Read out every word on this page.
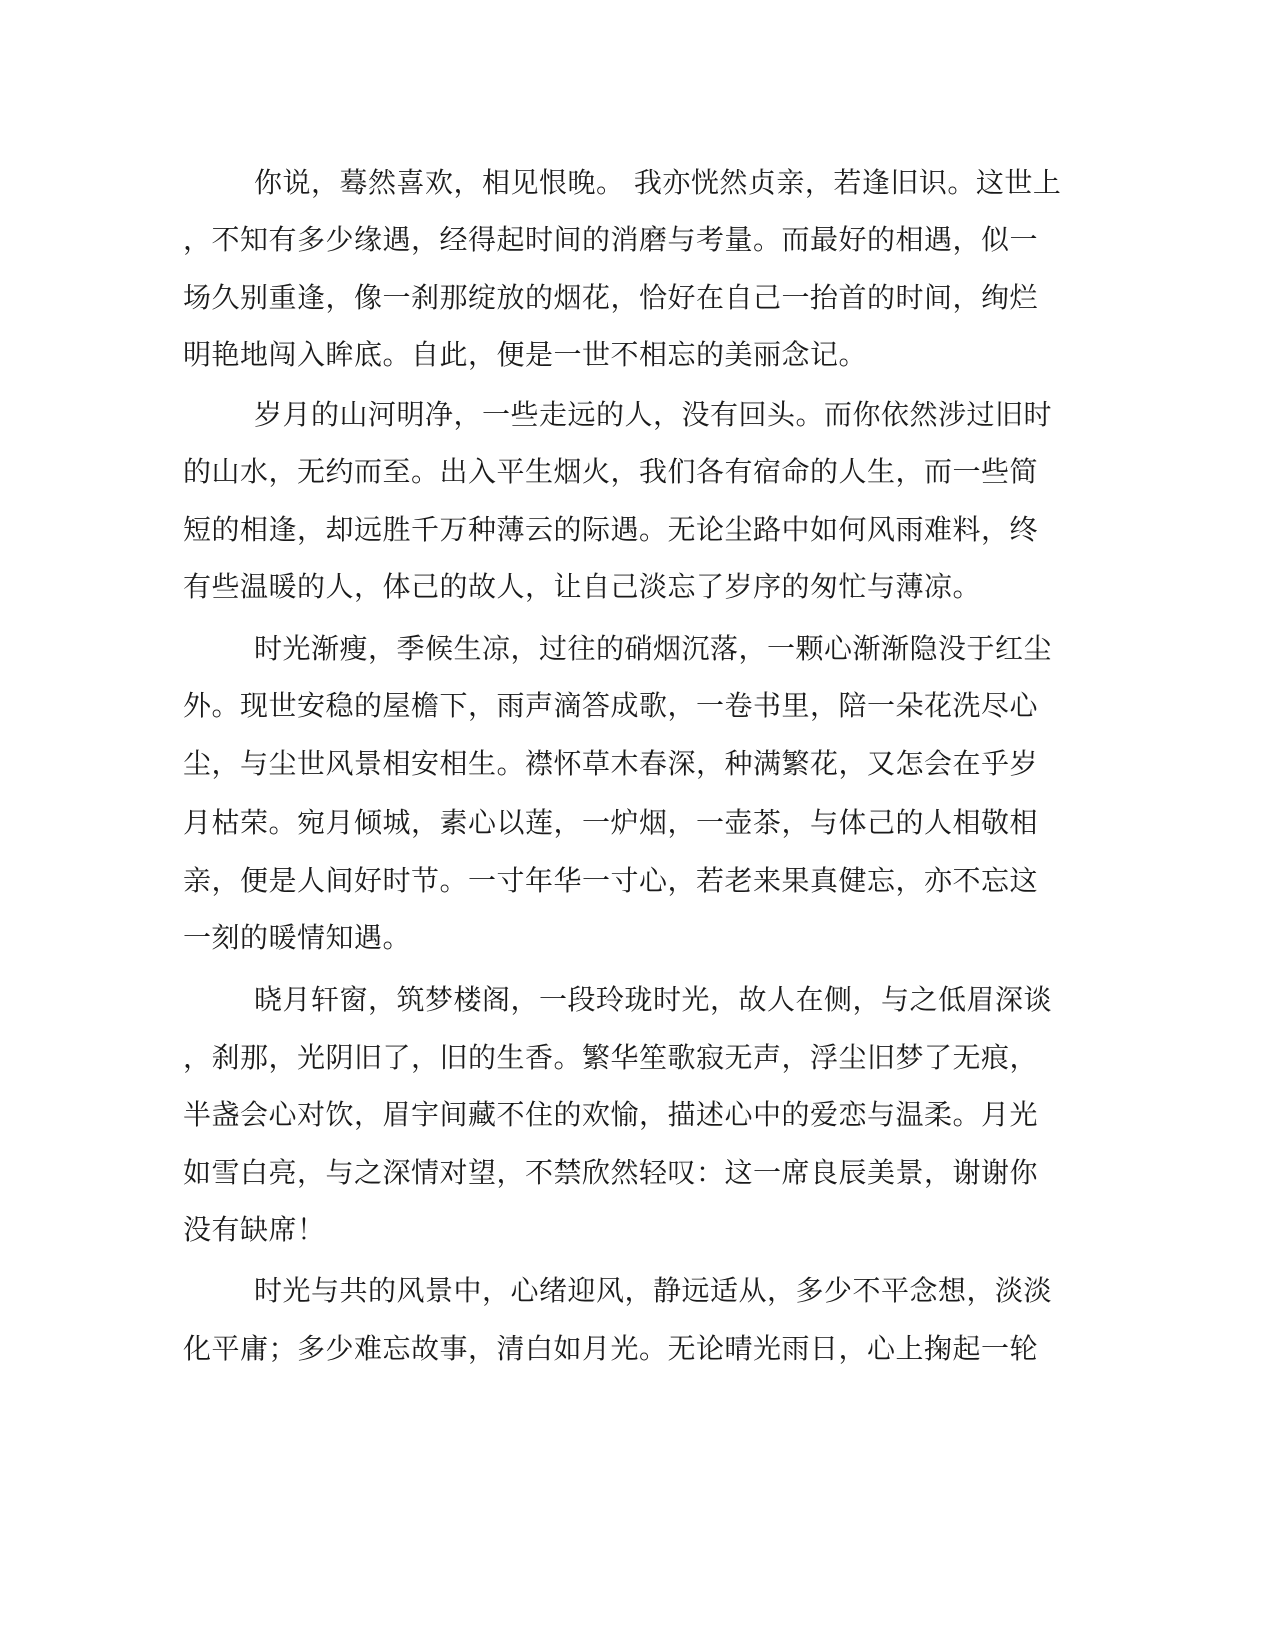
你说，蓦然喜欢，相见恨晚。 我亦恍然贞亲，若逢旧识。这世上

，不知有多少缘遇，经得起时间的消磨与考量。而最好的相遇，似一

场久别重逢，像一刹那绽放的烟花，恰好在自己一抬首的时间，绚烂

明艳地闯入眸底。自此，便是一世不相忘的美丽念记。

岁月的山河明净，一些走远的人，没有回头。而你依然涉过旧时

的山水，无约而至。出入平生烟火，我们各有宿命的人生，而一些简

短的相逢，却远胜千万种薄云的际遇。无论尘路中如何风雨难料，终

有些温暖的人，体己的故人，让自己淡忘了岁序的匆忙与薄凉。

时光渐瘦，季候生凉，过往的硝烟沉落，一颗心渐渐隐没于红尘

外。现世安稳的屋檐下，雨声滴答成歌，一卷书里，陪一朵花洗尽心

尘，与尘世风景相安相生。襟怀草木春深，种满繁花，又怎会在乎岁

月枯荣。宛月倾城，素心以莲，一炉烟，一壶茶，与体己的人相敬相

亲，便是人间好时节。一寸年华一寸心，若老来果真健忘，亦不忘这

一刻的暖情知遇。

晓月轩窗，筑梦楼阁，一段玲珑时光，故人在侧，与之低眉深谈

，刹那，光阴旧了，旧的生香。繁华笙歌寂无声，浮尘旧梦了无痕，

半盏会心对饮，眉宇间藏不住的欢愉，描述心中的爱恋与温柔。月光

如雪白亮，与之深情对望，不禁欣然轻叹：这一席良辰美景，谢谢你

没有缺席！

时光与共的风景中，心绪迎风，静远适从，多少不平念想，淡淡

化平庸；多少难忘故事，清白如月光。无论晴光雨日，心上掬起一轮
